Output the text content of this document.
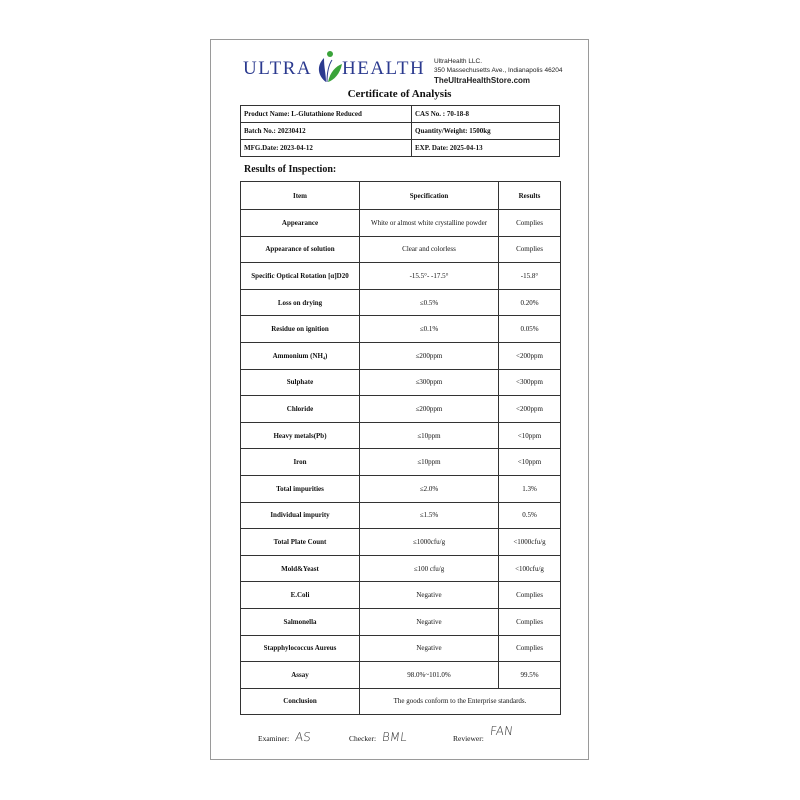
ULTRA HEALTH UltraHealth LLC.
350 Massechusetts Ave., Indianapolis 46204
TheUltraHealthStore.com
Certificate of Analysis
Product Name: L-Glutathione Reduced	CAS No. : 70-18-8
Batch No.: 20230412	Quantity/Weight: 1500kg
MFG.Date: 2023-04-12	EXP. Date: 2025-04-13
Results of Inspection:
Item	Specification	Results
Appearance	White or almost white crystalline powder	Complies
Appearance of solution	Clear and colorless	Complies
Specific Optical Rotation [α]D20	-15.5°- -17.5°	-15.8°
Loss on drying	≤0.5%	0.20%
Residue on ignition	≤0.1%	0.05%
Ammonium (NH₄)	≤200ppm	<200ppm
Sulphate	≤300ppm	<300ppm
Chloride	≤200ppm	<200ppm
Heavy metals(Pb)	≤10ppm	<10ppm
Iron	≤10ppm	<10ppm
Total impurities	≤2.0%	1.3%
Individual impurity	≤1.5%	0.5%
Total Plate Count	≤1000cfu/g	<1000cfu/g
Mold&Yeast	≤100 cfu/g	<100cfu/g
E.Coli	Negative	Complies
Salmonella	Negative	Complies
Stapphylococcus Aureus	Negative	Complies
Assay	98.0%~101.0%	99.5%
Conclusion	The goods conform to the Enterprise standards.	
Examiner: AS	Checker: BML	Reviewer: FAN
